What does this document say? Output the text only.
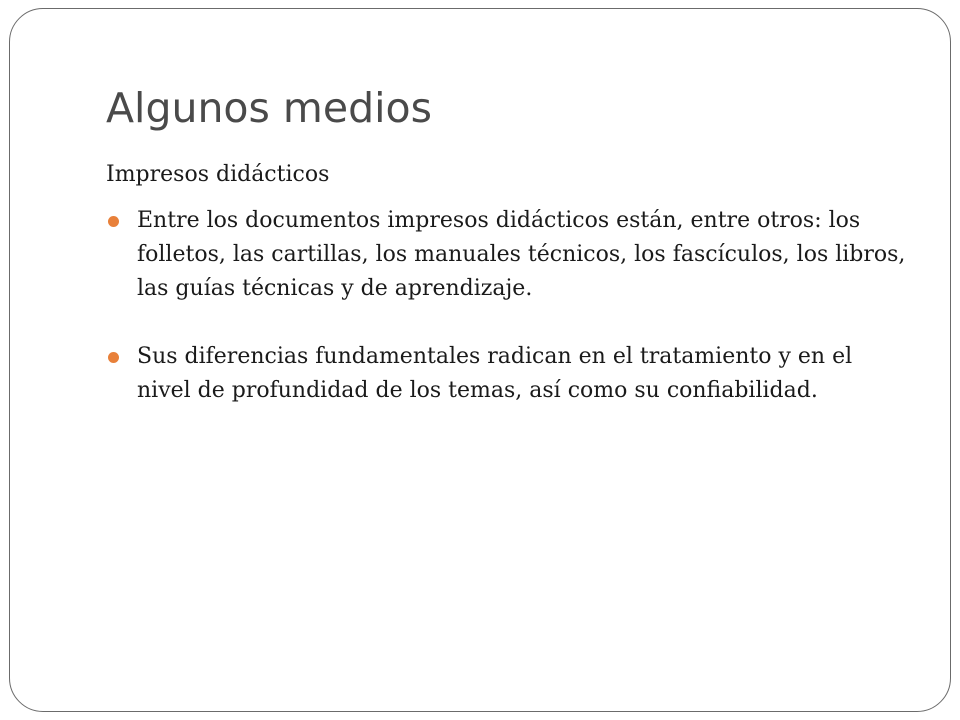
Algunos medios

Impresos didácticos

Entre los documentos impresos didácticos están, entre otros: los folletos, las cartillas, los manuales técnicos, los fascículos, los libros, las guías técnicas y de aprendizaje.
Sus diferencias fundamentales radican en el tratamiento y en el nivel de profundidad de los temas, así como su confiabilidad.
